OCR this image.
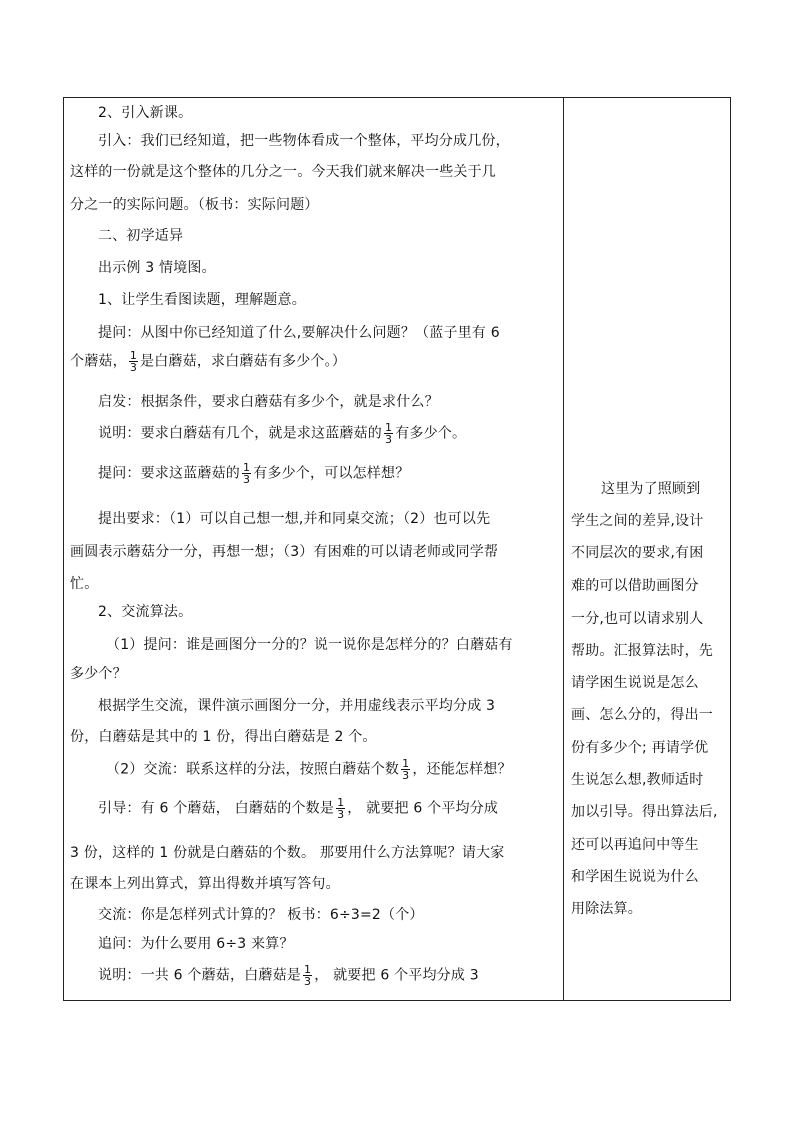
2、引入新课。
引入：我们已经知道，把一些物体看成一个整体，平均分成几份，
这样的一份就是这个整体的几分之一。今天我们就来解决一些关于几
分之一的实际问题。（板书：实际问题）
二、初学适异
出示例 3 情境图。
1、让学生看图读题，理解题意。
提问：从图中你已经知道了什么,要解决什么问题？（蓝子里有 6
个蘑菇， $\frac{1}{3}$ 是白蘑菇，求白蘑菇有多少个。）
启发：根据条件，要求白蘑菇有多少个，就是求什么？
说明：要求白蘑菇有几个，就是求这蓝蘑菇的 $\frac{1}{3}$ 有多少个。
提问：要求这蓝蘑菇的 $\frac{1}{3}$ 有多少个，可以怎样想？
提出要求：（1）可以自己想一想,并和同桌交流；（2）也可以先
画圆表示蘑菇分一分，再想一想；（3）有困难的可以请老师或同学帮
忙。
2、交流算法。
（1）提问：谁是画图分一分的？说一说你是怎样分的？白蘑菇有
多少个？
根据学生交流，课件演示画图分一分，并用虚线表示平均分成 3
份，白蘑菇是其中的 1 份，得出白蘑菇是 2 个。
（2）交流：联系这样的分法，按照白蘑菇个数 $\frac{1}{3}$ ，还能怎样想？
引导：有 6 个蘑菇， 白蘑菇的个数是 $\frac{1}{3}$ ， 就要把 6 个平均分成
3 份，这样的 1 份就是白蘑菇的个数。 那要用什么方法算呢？请大家
在课本上列出算式，算出得数并填写答句。
交流：你是怎样列式计算的？ 板书：6÷3=2（个）
追问：为什么要用 6÷3 来算？
说明：一共 6 个蘑菇，白蘑菇是 $\frac{1}{3}$ ， 就要把 6 个平均分成 3
这里为了照顾到
学生之间的差异,设计
不同层次的要求,有困
难的可以借助画图分
一分,也可以请求别人
帮助。汇报算法时，先
请学困生说说是怎么
画、怎么分的，得出一
份有多少个; 再请学优
生说怎么想,教师适时
加以引导。得出算法后,
还可以再追问中等生
和学困生说说为什么
用除法算。
